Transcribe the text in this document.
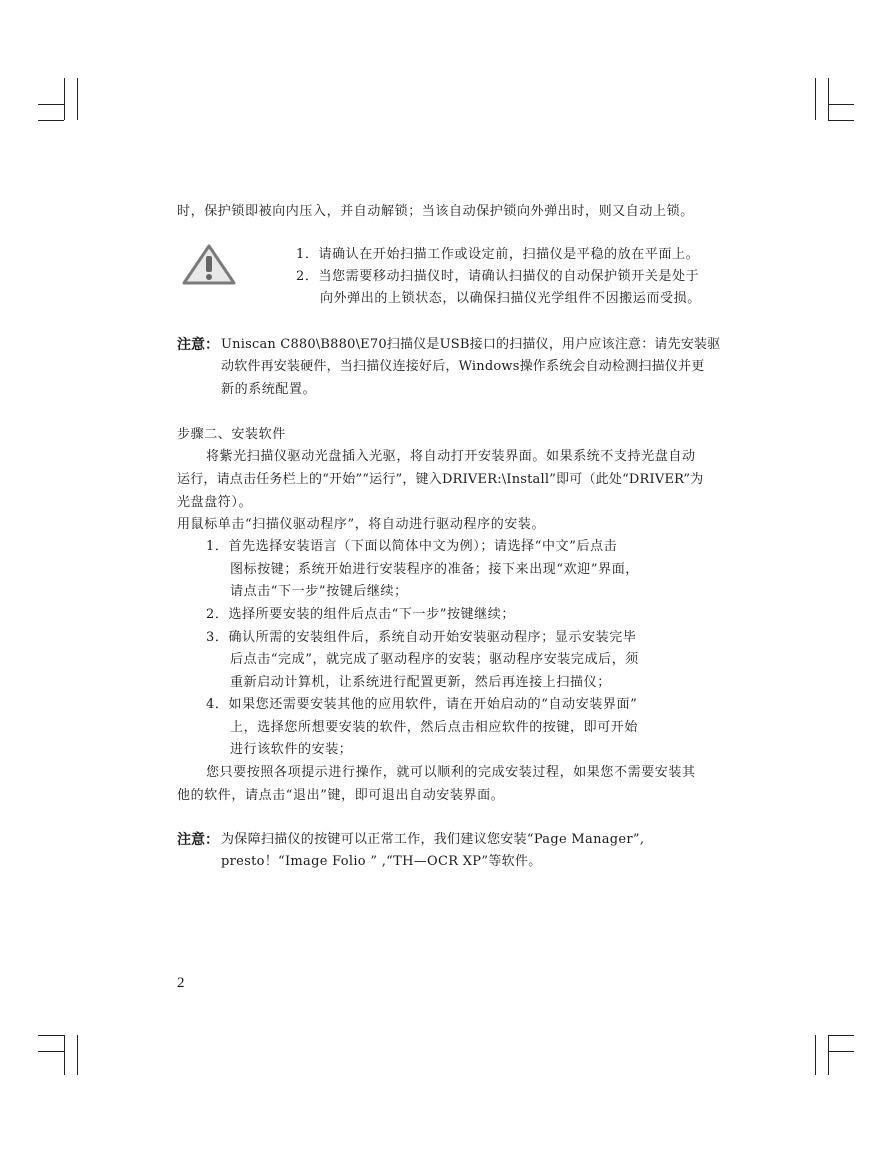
时，保护锁即被向内压入，并自动解锁；当该自动保护锁向外弹出时，则又自动上锁。
1．请确认在开始扫描工作或设定前，扫描仪是平稳的放在平面上。
2．当您需要移动扫描仪时，请确认扫描仪的自动保护锁开关是处于
向外弹出的上锁状态，以确保扫描仪光学组件不因搬运而受损。
注意： Uniscan C880\B880\E70扫描仪是USB接口的扫描仪，用户应该注意：请先安装驱
动软件再安装硬件，当扫描仪连接好后，Windows操作系统会自动检测扫描仪并更
新的系统配置。
步骤二、安装软件
将紫光扫描仪驱动光盘插入光驱，将自动打开安装界面。如果系统不支持光盘自动
运行，请点击任务栏上的“开始”“运行”，键入DRIVER:\Install”即可（此处“DRIVER”为
光盘盘符）。
用鼠标单击“扫描仪驱动程序”，将自动进行驱动程序的安装。
1．首先选择安装语言（下面以简体中文为例）；请选择“中文”后点击
图标按键；系统开始进行安装程序的准备；接下来出现“欢迎”界面，
请点击“下一步”按键后继续；
2．选择所要安装的组件后点击“下一步”按键继续；
3．确认所需的安装组件后，系统自动开始安装驱动程序；显示安装完毕
后点击“完成”，就完成了驱动程序的安装；驱动程序安装完成后，须
重新启动计算机，让系统进行配置更新，然后再连接上扫描仪；
4．如果您还需要安装其他的应用软件，请在开始启动的“自动安装界面”
上，选择您所想要安装的软件，然后点击相应软件的按键，即可开始
进行该软件的安装；
您只要按照各项提示进行操作，就可以顺利的完成安装过程，如果您不需要安装其
他的软件，请点击“退出”键，即可退出自动安装界面。
注意： 为保障扫描仪的按键可以正常工作，我们建议您安装“Page Manager”,
presto！“Image Folio ” ,“TH—OCR XP”等软件。
2
